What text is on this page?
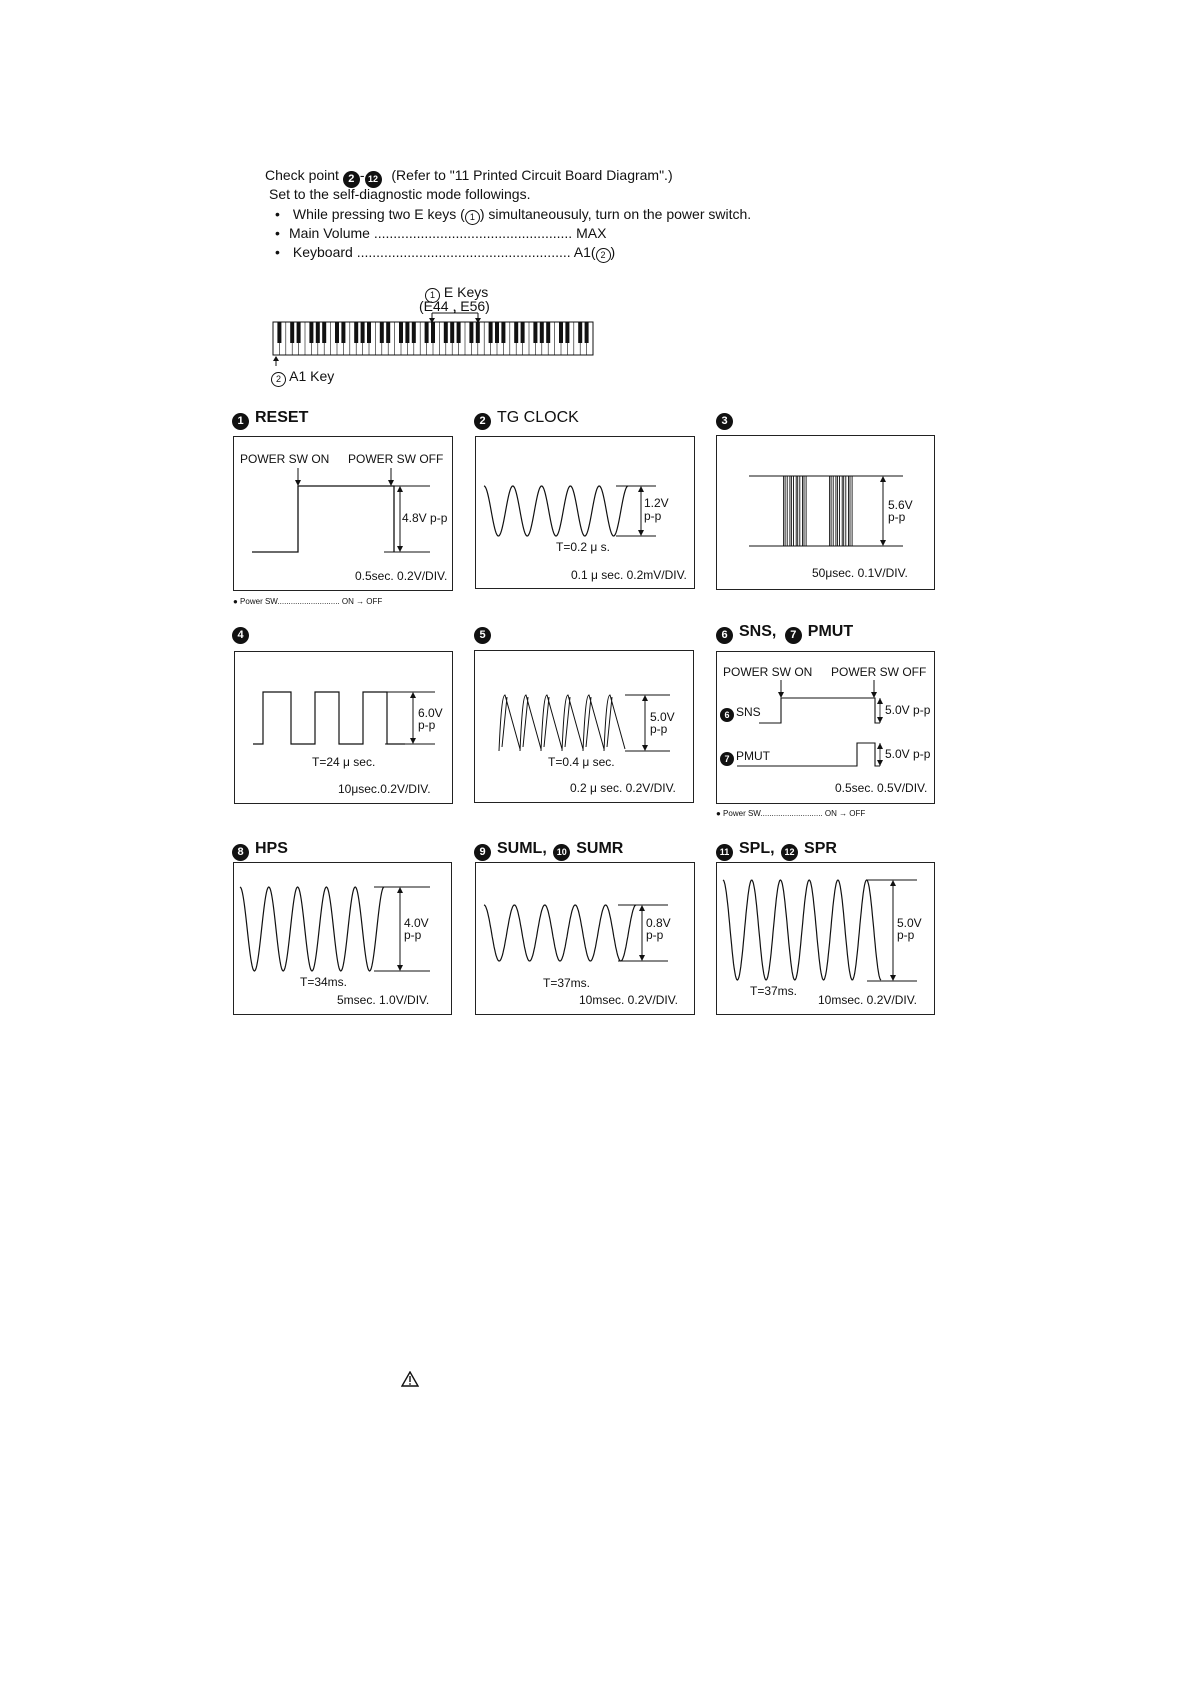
Check point 2 - 12 (Refer to "11 Printed Circuit Board Diagram".)
Set to the self-diagnostic mode followings.
• While pressing two E keys ( 1 ) simultaneousuly, turn on the power switch.
• Main Volume ................................................... MAX
• Keyboard ....................................................... A1( 2 )
1 E Keys
(E44 , E56)
2 A1 Key
1 RESET	2 TG CLOCK	3
POWER SW ON POWER SW OFF
4.8V p-p
0.5sec. 0.2V/DIV.
● Power SW............................ ON → OFF
1.2V
p-p
T=0.2 μ s.
0.1 μ sec. 0.2mV/DIV.
5.6V
p-p
50μsec. 0.1V/DIV.
4	5	6 SNS, 7 PMUT
6.0V
p-p
T=24 μ sec.
10μsec.0.2V/DIV.
5.0V
p-p
T=0.4 μ sec.
0.2 μ sec. 0.2V/DIV.
POWER SW ON POWER SW OFF
6 SNS
7 PMUT
5.0V p-p
5.0V p-p
0.5sec. 0.5V/DIV.
● Power SW............................ ON → OFF
8 HPS	9 SUML, 10 SUMR	11 SPL, 12 SPR
4.0V
p-p
T=34ms.
5msec. 1.0V/DIV.
0.8V
p-p
T=37ms.
10msec. 0.2V/DIV.
5.0V
p-p
T=37ms.
10msec. 0.2V/DIV.
